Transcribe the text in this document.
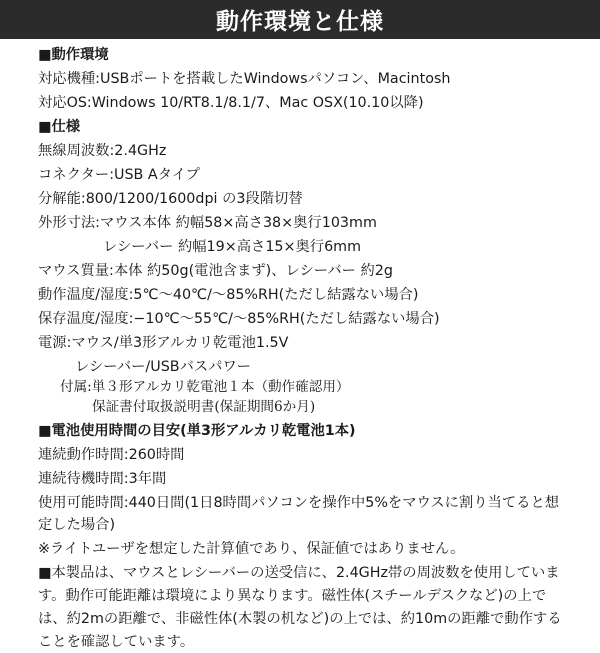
動作環境と仕様
■動作環境
対応機種:USBポートを搭載したWindowsパソコン、Macintosh
対応OS:Windows 10/RT8.1/8.1/7、Mac OSX(10.10以降)
■仕様
無線周波数:2.4GHz
コネクター:USB Aタイプ
分解能:800/1200/1600dpi の3段階切替
外形寸法:マウス本体 約幅58×高さ38×奥行103mm
レシーバー 約幅19×高さ15×奥行6mm
マウス質量:本体 約50g(電池含まず)、レシーバー 約2g
動作温度/湿度:5℃〜40℃/〜85%RH(ただし結露ない場合)
保存温度/湿度:−10℃〜55℃/〜85%RH(ただし結露ない場合)
電源:マウス/単3形アルカリ乾電池1.5V
レシーバー/USBバスパワー
付属:単３形アルカリ乾電池１本（動作確認用）
保証書付取扱説明書(保証期間6か月)
■電池使用時間の目安(単3形アルカリ乾電池1本)
連続動作時間:260時間
連続待機時間:3年間
使用可能時間:440日間(1日8時間パソコンを操作中5%をマウスに割り当てると想
定した場合)
※ライトユーザを想定した計算値であり、保証値ではありません。
■本製品は、マウスとレシーバーの送受信に、2.4GHz帯の周波数を使用していま
す。動作可能距離は環境により異なります。磁性体(スチールデスクなど)の上で
は、約2mの距離で、非磁性体(木製の机など)の上では、約10mの距離で動作する
ことを確認しています。
